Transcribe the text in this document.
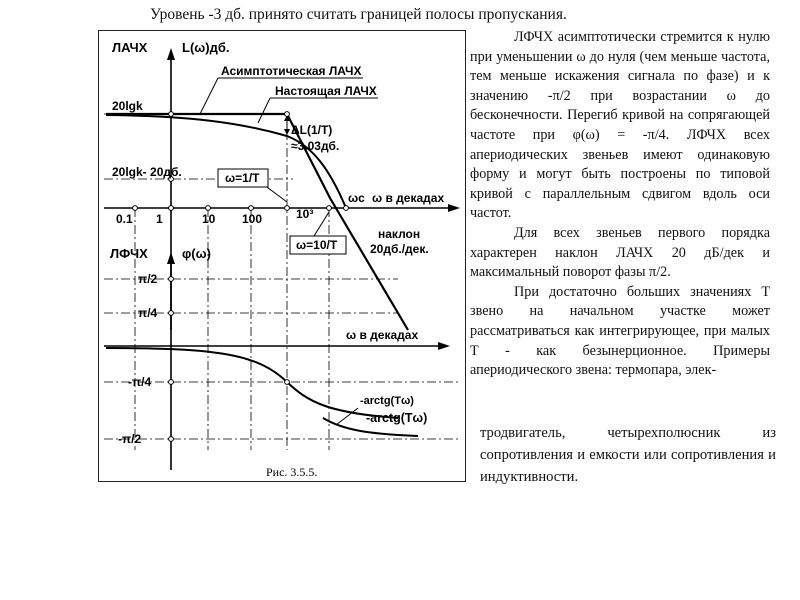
Уровень -3 дб. принято считать границей полосы пропускания.
ЛАЧХ	L(ω)дб.
Асимптотическая ЛАЧХ
Настоящая ЛАЧХ
20lgk
20lgk- 20дб.
ΔL(1/T)
≈3.03дб.
ω=1/T
ω=10/T
ωс ω в декадах
0.1 1	10 100	10³
наклон
20дб./дек.
ЛФЧХ	φ(ω)
π/2
π/4
ω в декадах
-π/4
-π/2
-arctg(Tω)
-arctg(Tω)
Рис. 3.5.5.

ЛФЧХ асимптотически стремится к нулю при уменьшении ω до нуля (чем меньше частота, тем меньше искажения сигнала по фазе) и к значению -π/2 при возрастании ω до бесконечности. Перегиб кривой на сопрягающей частоте при φ(ω) = -π/4. ЛФЧХ всех апериодических звеньев имеют одинаковую форму и могут быть построены по типовой кривой с параллельным сдвигом вдоль оси частот.

Для всех звеньев первого порядка характерен наклон ЛАЧХ 20 дБ/дек и максимальный поворот фазы π/2.

При достаточно больших значениях Т звено на начальном участке может рассматриваться как интегрирующее, при малых Т - как безынерционное. Примеры апериодического звена: термопара, элек-

тродвигатель, четырехполюсник из сопротивления и емкости или сопротивления и индуктивности.
